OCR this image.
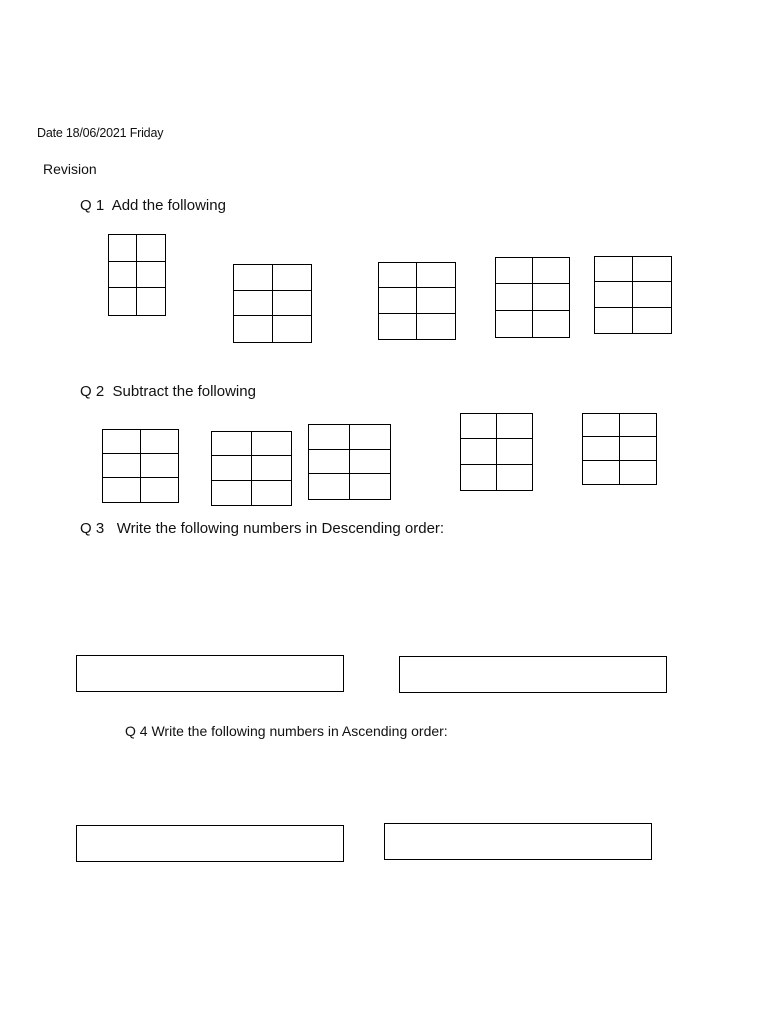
Date 18/06/2021 Friday
Revision
Q 1 Add the following
Q 2 Subtract the following
Q 3 Write the following numbers in Descending order:
Q 4 Write the following numbers in Ascending order:
